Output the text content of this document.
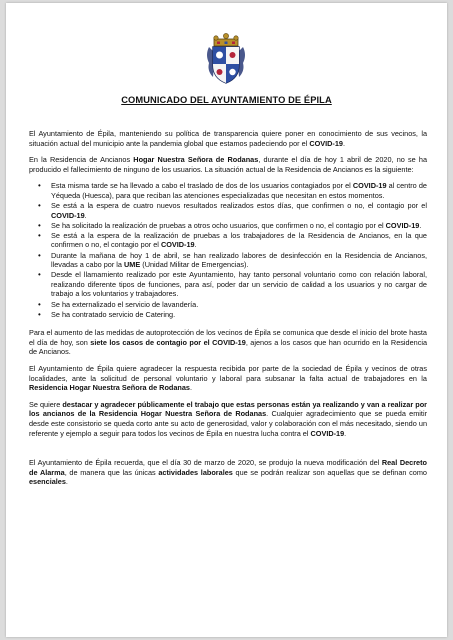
COMUNICADO DEL AYUNTAMIENTO DE ÉPILA

El Ayuntamiento de Épila, manteniendo su política de transparencia quiere poner en conocimiento de sus vecinos, la situación actual del municipio ante la pandemia global que estamos padeciendo por el COVID-19.

En la Residencia de Ancianos Hogar Nuestra Señora de Rodanas, durante el día de hoy 1 abril de 2020, no se ha producido el fallecimiento de ninguno de los usuarios. La situación actual de la Residencia de Ancianos es la siguiente:

• Esta misma tarde se ha llevado a cabo el traslado de dos de los usuarios contagiados por el COVID-19 al centro de Yéqueda (Huesca), para que reciban las atenciones especializadas que necesitan en estos momentos.
• Se está a la espera de cuatro nuevos resultados realizados estos días, que confirmen o no, el contagio por el COVID-19.
• Se ha solicitado la realización de pruebas a otros ocho usuarios, que confirmen o no, el contagio por el COVID-19.
• Se está a la espera de la realización de pruebas a los trabajadores de la Residencia de Ancianos, en la que confirmen o no, el contagio por el COVID-19.
• Durante la mañana de hoy 1 de abril, se han realizado labores de desinfección en la Residencia de Ancianos, llevadas a cabo por la UME (Unidad Militar de Emergencias).
• Desde el llamamiento realizado por este Ayuntamiento, hay tanto personal voluntario como con relación laboral, realizando diferente tipos de funciones, para así, poder dar un servicio de calidad a los usuarios y no cargar de trabajo a los voluntarios y trabajadores.
• Se ha externalizado el servicio de lavandería.
• Se ha contratado servicio de Catering.

Para el aumento de las medidas de autoprotección de los vecinos de Épila se comunica que desde el inicio del brote hasta el día de hoy, son siete los casos de contagio por el COVID-19, ajenos a los casos que han ocurrido en la Residencia de Ancianos.

El Ayuntamiento de Épila quiere agradecer la respuesta recibida por parte de la sociedad de Épila y vecinos de otras localidades, ante la solicitud de personal voluntario y laboral para subsanar la falta actual de trabajadores en la Residencia Hogar Nuestra Señora de Rodanas.

Se quiere destacar y agradecer públicamente el trabajo que estas personas están ya realizando y van a realizar por los ancianos de la Residencia Hogar Nuestra Señora de Rodanas. Cualquier agradecimiento que se pueda emitir desde este consistorio se queda corto ante su acto de generosidad, valor y colaboración con el más necesitado, siendo un referente y ejemplo a seguir para todos los vecinos de Épila en nuestra lucha contra el COVID-19.

El Ayuntamiento de Épila recuerda, que el día 30 de marzo de 2020, se produjo la nueva modificación del Real Decreto de Alarma, de manera que las únicas actividades laborales que se podrán realizar son aquellas que se definan como esenciales.
